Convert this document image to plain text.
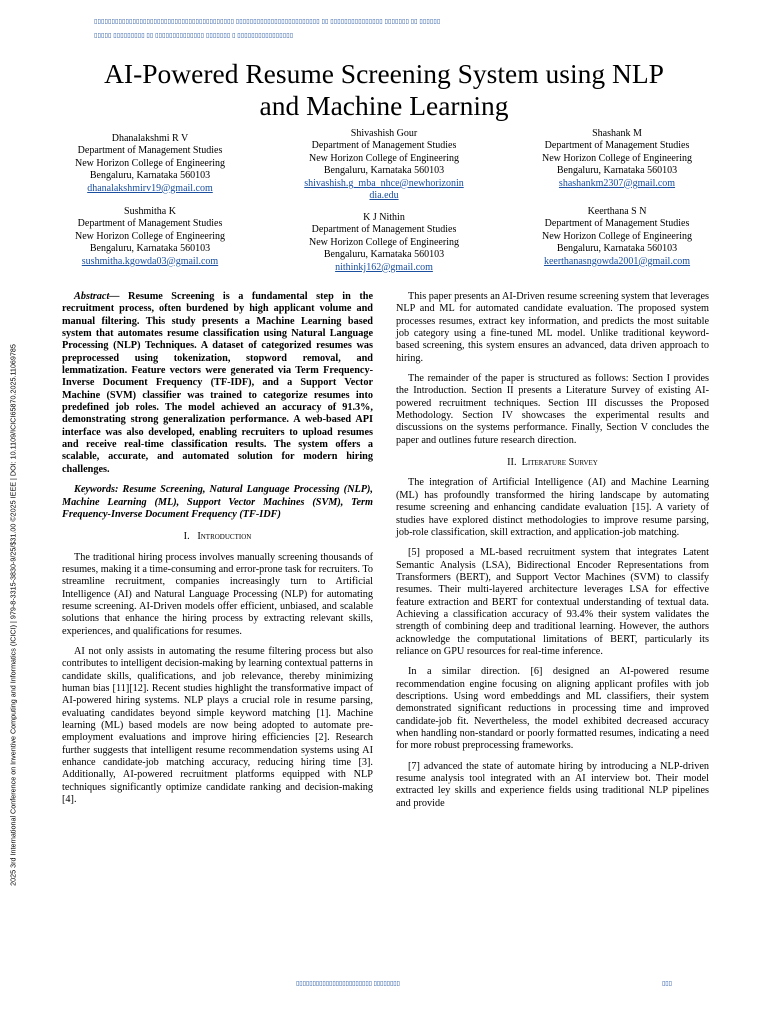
▯▯▯▯▯▯▯▯▯▯▯▯▯▯▯▯▯▯▯▯▯▯▯▯▯▯▯▯▯▯▯▯▯▯▯▯▯▯▯▯ ▯▯▯▯▯▯▯▯▯▯▯▯▯▯▯▯▯▯▯▯▯▯▯▯ ▯▯ ▯▯▯▯▯▯▯▯▯▯▯▯▯▯▯ ▯▯▯▯▯▯▯ ▯▯ ▯▯▯▯▯▯
▯▯▯▯▯ ▯▯▯▯▯▯▯▯▯ ▯▯ ▯▯▯▯▯▯▯▯▯▯▯▯▯▯ ▯▯▯▯▯▯▯ ▯ ▯▯▯▯▯▯▯▯▯▯▯▯▯▯▯▯
AI-Powered Resume Screening System using NLP
and Machine Learning
Dhanalakshmi R V
Department of Management Studies
New Horizon College of Engineering
Bengaluru, Karnataka 560103
dhanalakshmirv19@gmail.com
Shivashish Gour
Department of Management Studies
New Horizon College of Engineering
Bengaluru, Karnataka 560103
shivashish.g_mba_nhce@newhorizonin
dia.edu
Shashank M
Department of Management Studies
New Horizon College of Engineering
Bengaluru, Karnataka 560103
shashankm2307@gmail.com
Sushmitha K
Department of Management Studies
New Horizon College of Engineering
Bengaluru, Karnataka 560103
sushmitha.kgowda03@gmail.com
K J Nithin
Department of Management Studies
New Horizon College of Engineering
Bengaluru, Karnataka 560103
nithinkj162@gmail.com
Keerthana S N
Department of Management Studies
New Horizon College of Engineering
Bengaluru, Karnataka 560103
keerthanasngowda2001@gmail.com
2025 3rd International Conference on Inventive Computing and Informatics (ICICI) | 979-8-3315-3830-9/25/$31.00 ©2025 IEEE | DOI: 10.1109/ICICI65870.2025.11069785

Abstract— Resume Screening is a fundamental step in the recruitment process, often burdened by high applicant volume and manual filtering. This study presents a Machine Learning based system that automates resume classification using Natural Language Processing (NLP) Techniques. A dataset of categorized resumes was preprocessed using tokenization, stopword removal, and lemmatization. Feature vectors were generated via Term Frequency-Inverse Document Frequency (TF-IDF), and a Support Vector Machine (SVM) classifier was trained to categorize resumes into predefined job roles. The model achieved an accuracy of 91.3%, demonstrating strong generalization performance. A web-based API interface was also developed, enabling recruiters to upload resumes and receive real-time classification results. The system offers a scalable, accurate, and automated solution for modern hiring challenges.

Keywords: Resume Screening, Natural Language Processing (NLP), Machine Learning (ML), Support Vector Machines (SVM), Term Frequency-Inverse Document Frequency (TF-IDF)

I. Introduction

The traditional hiring process involves manually screening thousands of resumes, making it a time-consuming and error-prone task for recruiters. To streamline recruitment, companies increasingly turn to Artificial Intelligence (AI) and Natural Language Processing (NLP) for automating resume screening. AI-Driven models offer efficient, unbiased, and scalable solutions that enhance the hiring process by extracting relevant skills, experiences, and qualifications for resumes.

AI not only assists in automating the resume filtering process but also contributes to intelligent decision-making by learning contextual patterns in candidate skills, qualifications, and job relevance, thereby minimizing human bias [11][12]. Recent studies highlight the transformative impact of AI-powered hiring systems. NLP plays a crucial role in resume parsing, evaluating candidates beyond simple keyword matching [1]. Machine learning (ML) based models are now being adopted to automate pre-employment evaluations and improve hiring efficiencies [2]. Research further suggests that intelligent resume recommendation systems using AI enhance candidate-job matching accuracy, reducing hiring time [3]. Additionally, AI-powered recruitment platforms equipped with NLP techniques significantly optimize candidate ranking and decision-making [4].

This paper presents an AI-Driven resume screening system that leverages NLP and ML for automated candidate evaluation. The proposed system processes resumes, extract key information, and predicts the most suitable job category using a fine-tuned ML model. Unlike traditional keyword-based screening, this system ensures an advanced, data driven approach to hiring.

The remainder of the paper is structured as follows: Section I provides the Introduction. Section II presents a Literature Survey of existing AI-powered recruitment techniques. Section III discusses the Proposed Methodology. Section IV showcases the experimental results and discussions on the systems performance. Finally, Section V concludes the paper and outlines future research direction.

II. Literature Survey

The integration of Artificial Intelligence (AI) and Machine Learning (ML) has profoundly transformed the hiring landscape by automating resume screening and enhancing candidate evaluation [15]. A variety of studies have explored distinct methodologies to improve resume parsing, job-role classification, skill extraction, and application-job matching.

[5] proposed a ML-based recruitment system that integrates Latent Semantic Analysis (LSA), Bidirectional Encoder Representations from Transformers (BERT), and Support Vector Machines (SVM) to classify resumes. Their multi-layered architecture leverages LSA for effective feature extraction and BERT for contextual understanding of textual data. Achieving a classification accuracy of 93.4% their system validates the strength of combining deep and traditional learning. However, the authors acknowledge the computational limitations of BERT, particularly its reliance on GPU resources for real-time inference.

In a similar direction. [6] designed an AI-powered resume recommendation engine focusing on aligning applicant profiles with job descriptions. Using word embeddings and ML classifiers, their system demonstrated significant reductions in processing time and improved candidate-job fit. Nevertheless, the model exhibited decreased accuracy when handling non-standard or poorly formatted resumes, indicating a need for more robust preprocessing frameworks.

[7] advanced the state of automate hiring by introducing a NLP-driven resume analysis tool integrated with an AI interview bot. Their model extracted ley skills and experience fields using traditional NLP pipelines and provide

▯▯▯▯▯▯▯▯▯▯▯▯▯▯▯▯▯▯▯▯▯▯▯ ▯▯▯▯▯▯▯▯	▯▯▯
